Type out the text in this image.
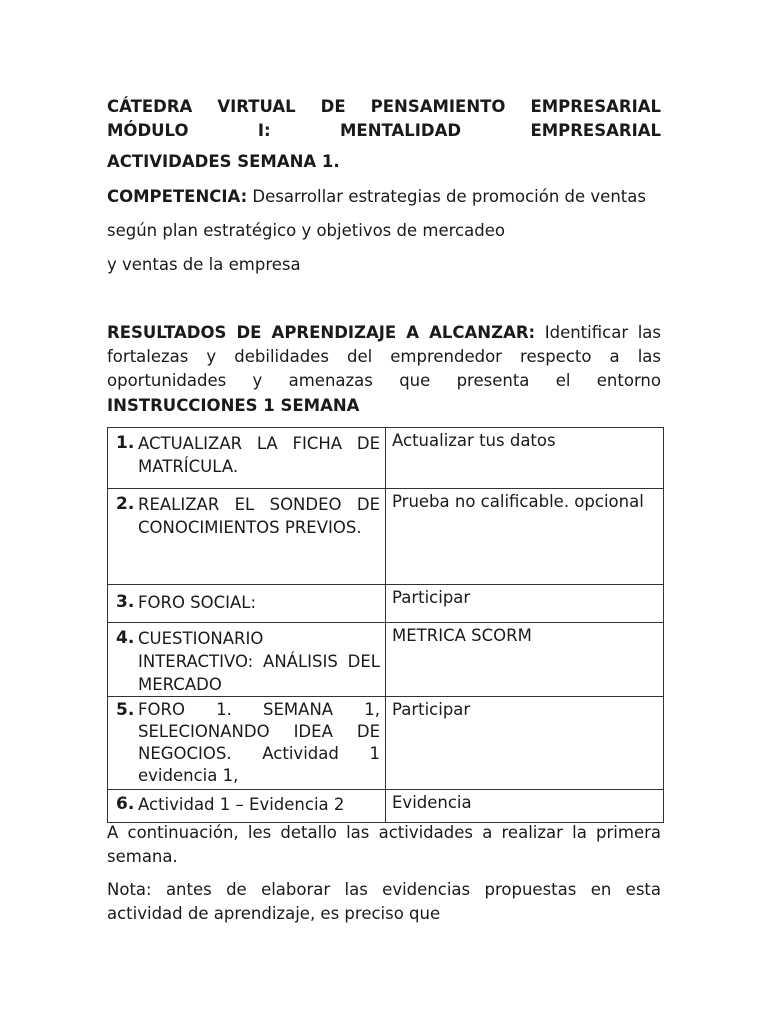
CÁTEDRA VIRTUAL DE PENSAMIENTO EMPRESARIAL MÓDULO I: MENTALIDAD EMPRESARIAL

ACTIVIDADES SEMANA 1.

COMPETENCIA: Desarrollar estrategias de promoción de ventas
según plan estratégico y objetivos de mercadeo
y ventas de la empresa

RESULTADOS DE APRENDIZAJE A ALCANZAR: Identificar las fortalezas y debilidades del emprendedor respecto a las oportunidades y amenazas que presenta el entorno

INSTRUCCIONES 1 SEMANA

1. ACTUALIZAR LA FICHA DE MATRÍCULA.	Actualizar tus datos

2. REALIZAR EL SONDEO DE CONOCIMIENTOS PREVIOS.	Prueba no calificable. opcional

3. FORO SOCIAL:	Participar

4. CUESTIONARIO INTERACTIVO: ANÁLISIS DEL MERCADO	METRICA SCORM

5. FORO 1. SEMANA 1, SELECIONANDO IDEA DE NEGOCIOS. Actividad 1 evidencia 1,	Participar

6. Actividad 1 – Evidencia 2	Evidencia

A continuación, les detallo las actividades a realizar la primera semana.

Nota: antes de elaborar las evidencias propuestas en esta actividad de aprendizaje, es preciso que
